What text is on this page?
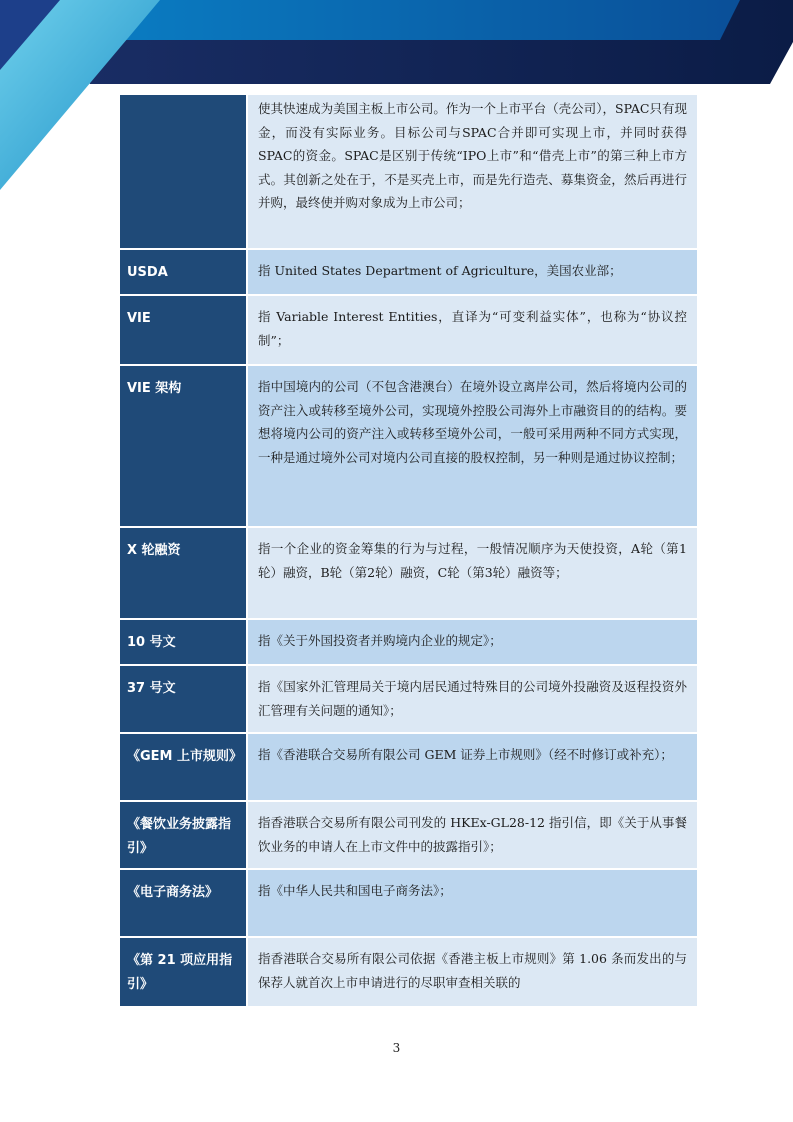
	使其快速成为美国主板上市公司。作为一个上市平台（壳公司），SPAC只有现金，而没有实际业务。目标公司与SPAC合并即可实现上市，并同时获得SPAC的资金。SPAC是区别于传统“IPO上市”和“借壳上市”的第三种上市方式。其创新之处在于，不是买壳上市，而是先行造壳、募集资金，然后再进行并购，最终使并购对象成为上市公司；
USDA	指 United States Department of Agriculture，美国农业部；
VIE	指 Variable Interest Entities，直译为“可变利益实体”，也称为“协议控制”；
VIE 架构	指中国境内的公司（不包含港澳台）在境外设立离岸公司，然后将境内公司的资产注入或转移至境外公司，实现境外控股公司海外上市融资目的的结构。要想将境内公司的资产注入或转移至境外公司，一般可采用两种不同方式实现，一种是通过境外公司对境内公司直接的股权控制，另一种则是通过协议控制；
X 轮融资	指一个企业的资金筹集的行为与过程，一般情况顺序为天使投资，A轮（第1轮）融资，B轮（第2轮）融资，C轮（第3轮）融资等；
10 号文	指《关于外国投资者并购境内企业的规定》；
37 号文	指《国家外汇管理局关于境内居民通过特殊目的公司境外投融资及返程投资外汇管理有关问题的通知》；
《GEM 上市规则》	指《香港联合交易所有限公司 GEM 证券上市规则》（经不时修订或补充）；
《餐饮业务披露指引》	指香港联合交易所有限公司刊发的 HKEx-GL28-12 指引信，即《关于从事餐饮业务的申请人在上市文件中的披露指引》；
《电子商务法》	指《中华人民共和国电子商务法》；
《第 21 项应用指引》	指香港联合交易所有限公司依据《香港主板上市规则》第 1.06 条而发出的与保荐人就首次上市申请进行的尽职审查相关联的
3
